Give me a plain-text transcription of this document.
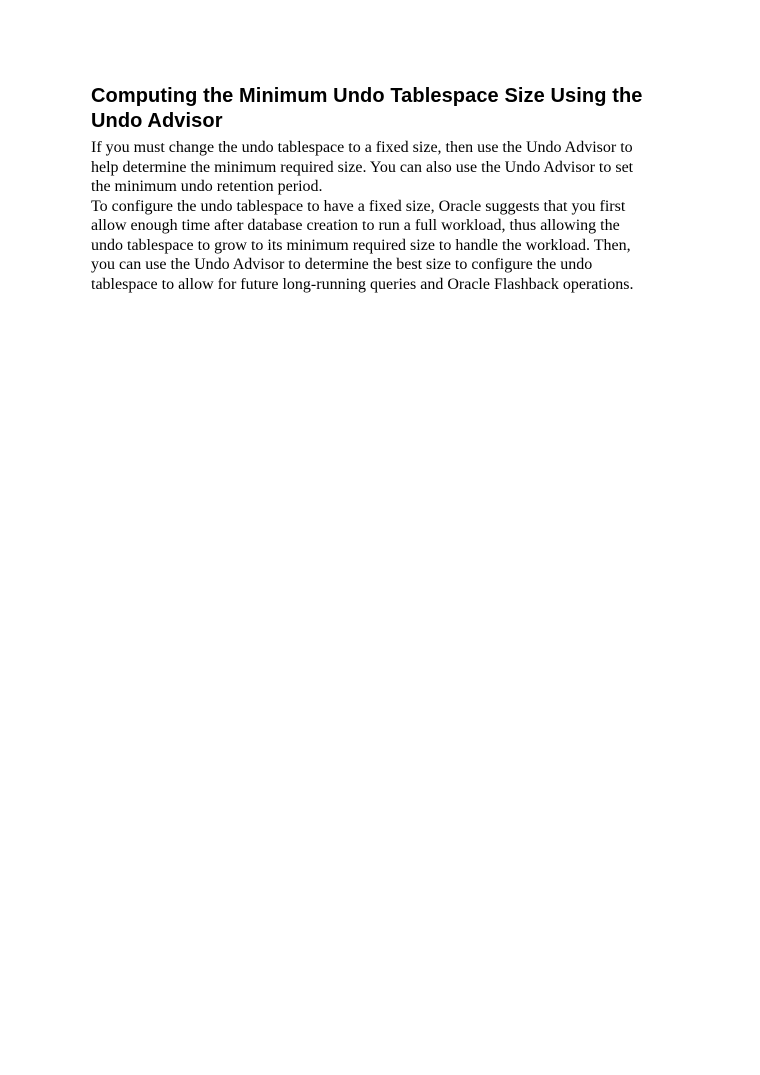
Computing the Minimum Undo Tablespace Size Using the
Undo Advisor
If you must change the undo tablespace to a fixed size, then use the Undo Advisor to
help determine the minimum required size. You can also use the Undo Advisor to set
the minimum undo retention period.
To configure the undo tablespace to have a fixed size, Oracle suggests that you first
allow enough time after database creation to run a full workload, thus allowing the
undo tablespace to grow to its minimum required size to handle the workload. Then,
you can use the Undo Advisor to determine the best size to configure the undo
tablespace to allow for future long-running queries and Oracle Flashback operations.
